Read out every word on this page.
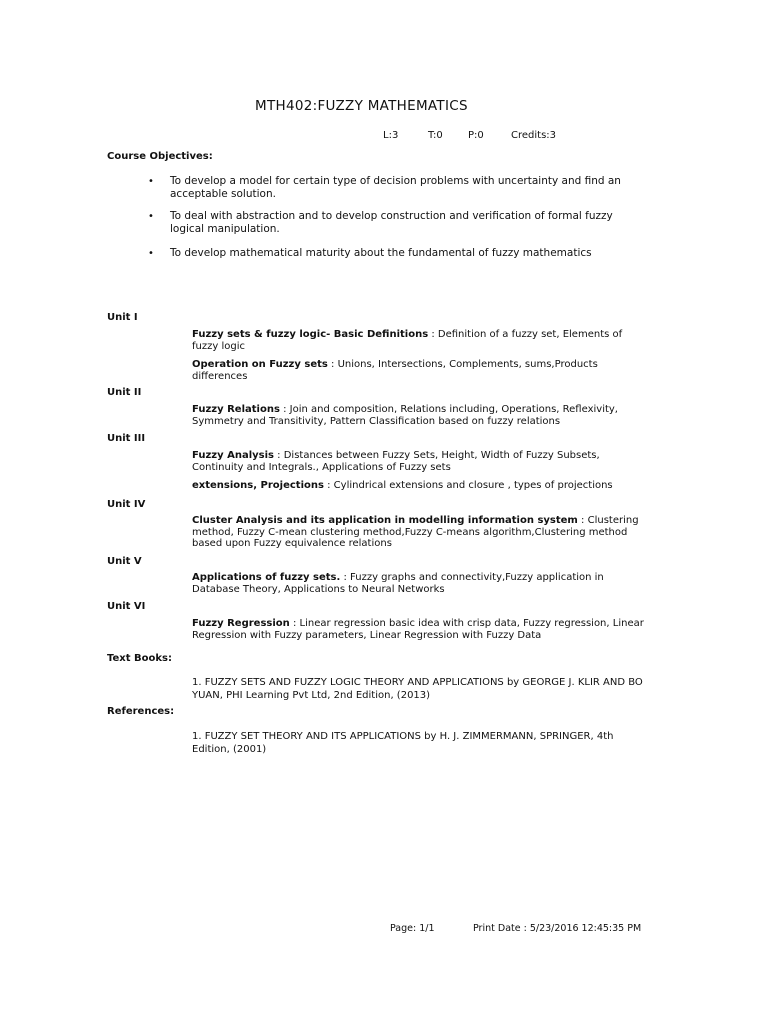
MTH402:FUZZY MATHEMATICS
L:3	T:0	P:0	Credits:3
Course Objectives:
• To develop a model for certain type of decision problems with uncertainty and find an acceptable solution.
• To deal with abstraction and to develop construction and verification of formal fuzzy logical manipulation.
• To develop mathematical maturity about the fundamental of fuzzy mathematics
Unit I
Fuzzy sets & fuzzy logic- Basic Definitions : Definition of a fuzzy set, Elements of fuzzy logic
Operation on Fuzzy sets : Unions, Intersections, Complements, sums,Products differences
Unit II
Fuzzy Relations : Join and composition, Relations including, Operations, Reflexivity, Symmetry and Transitivity, Pattern Classification based on fuzzy relations
Unit III
Fuzzy Analysis : Distances between Fuzzy Sets, Height, Width of Fuzzy Subsets, Continuity and Integrals., Applications of Fuzzy sets
extensions, Projections : Cylindrical extensions and closure , types of projections
Unit IV
Cluster Analysis and its application in modelling information system : Clustering method, Fuzzy C-mean clustering method,Fuzzy C-means algorithm,Clustering method based upon Fuzzy equivalence relations
Unit V
Applications of fuzzy sets. : Fuzzy graphs and connectivity,Fuzzy application in Database Theory, Applications to Neural Networks
Unit VI
Fuzzy Regression : Linear regression basic idea with crisp data, Fuzzy regression, Linear Regression with Fuzzy parameters, Linear Regression with Fuzzy Data
Text Books:
1. FUZZY SETS AND FUZZY LOGIC THEORY AND APPLICATIONS by GEORGE J. KLIR AND BO YUAN, PHI Learning Pvt Ltd, 2nd Edition, (2013)
References:
1. FUZZY SET THEORY AND ITS APPLICATIONS by H. J. ZIMMERMANN, SPRINGER, 4th Edition, (2001)
Page: 1/1	Print Date : 5/23/2016 12:45:35 PM
